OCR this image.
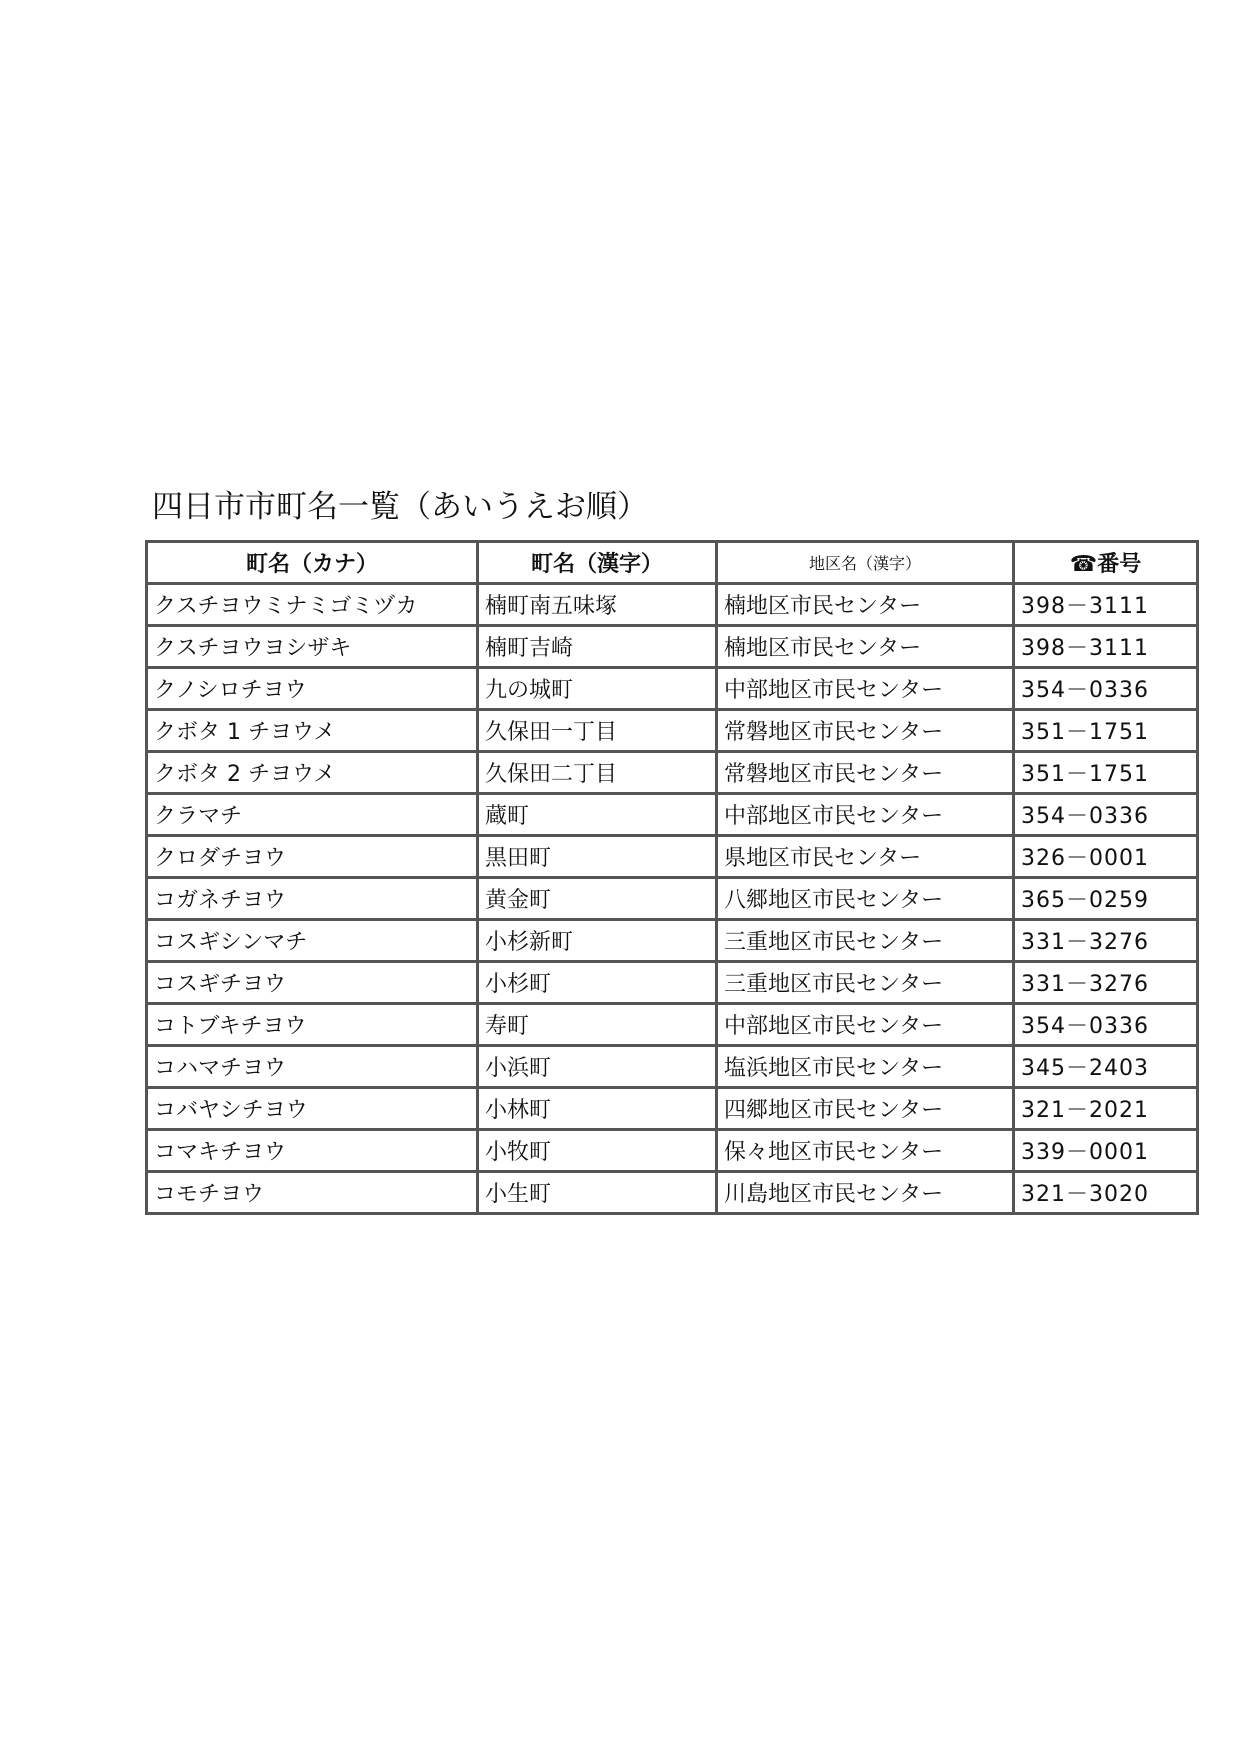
四日市市町名一覧（あいうえお順）
町名（カナ）	町名（漢字）	地区名（漢字）	☎番号
クスチヨウミナミゴミヅカ	楠町南五味塚	楠地区市民センター	398－3111
クスチヨウヨシザキ	楠町吉崎	楠地区市民センター	398－3111
クノシロチヨウ	九の城町	中部地区市民センター	354－0336
クボタ 1 チヨウメ	久保田一丁目	常磐地区市民センター	351－1751
クボタ 2 チヨウメ	久保田二丁目	常磐地区市民センター	351－1751
クラマチ	蔵町	中部地区市民センター	354－0336
クロダチヨウ	黒田町	県地区市民センター	326－0001
コガネチヨウ	黄金町	八郷地区市民センター	365－0259
コスギシンマチ	小杉新町	三重地区市民センター	331－3276
コスギチヨウ	小杉町	三重地区市民センター	331－3276
コトブキチヨウ	寿町	中部地区市民センター	354－0336
コハマチヨウ	小浜町	塩浜地区市民センター	345－2403
コバヤシチヨウ	小林町	四郷地区市民センター	321－2021
コマキチヨウ	小牧町	保々地区市民センター	339－0001
コモチヨウ	小生町	川島地区市民センター	321－3020
